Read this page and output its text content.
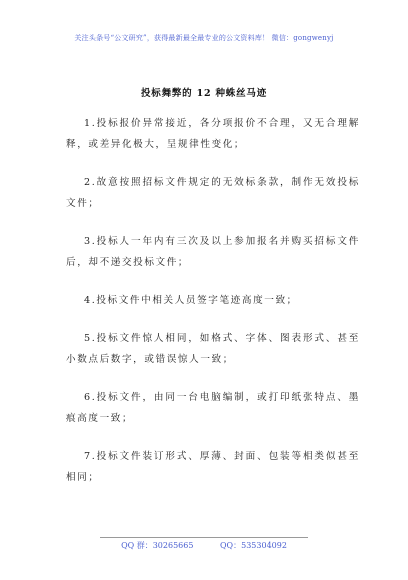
关注头条号“公文研究”，获得最新最全最专业的公文资料库！ 微信：gongwenyj
投标舞弊的 12 种蛛丝马迹

1.投标报价异常接近，各分项报价不合理，又无合理解释，或差异化极大，呈规律性变化；

2.故意按照招标文件规定的无效标条款，制作无效投标文件；

3.投标人一年内有三次及以上参加报名并购买招标文件后，却不递交投标文件；

4.投标文件中相关人员签字笔迹高度一致；

5.投标文件惊人相同，如格式、字体、图表形式、甚至小数点后数字，或错误惊人一致；

6.投标文件，由同一台电脑编制，或打印纸张特点、墨痕高度一致；

7.投标文件装订形式、厚薄、封面、包装等相类似甚至相同；

QQ 群：30265665	QQ：535304092
